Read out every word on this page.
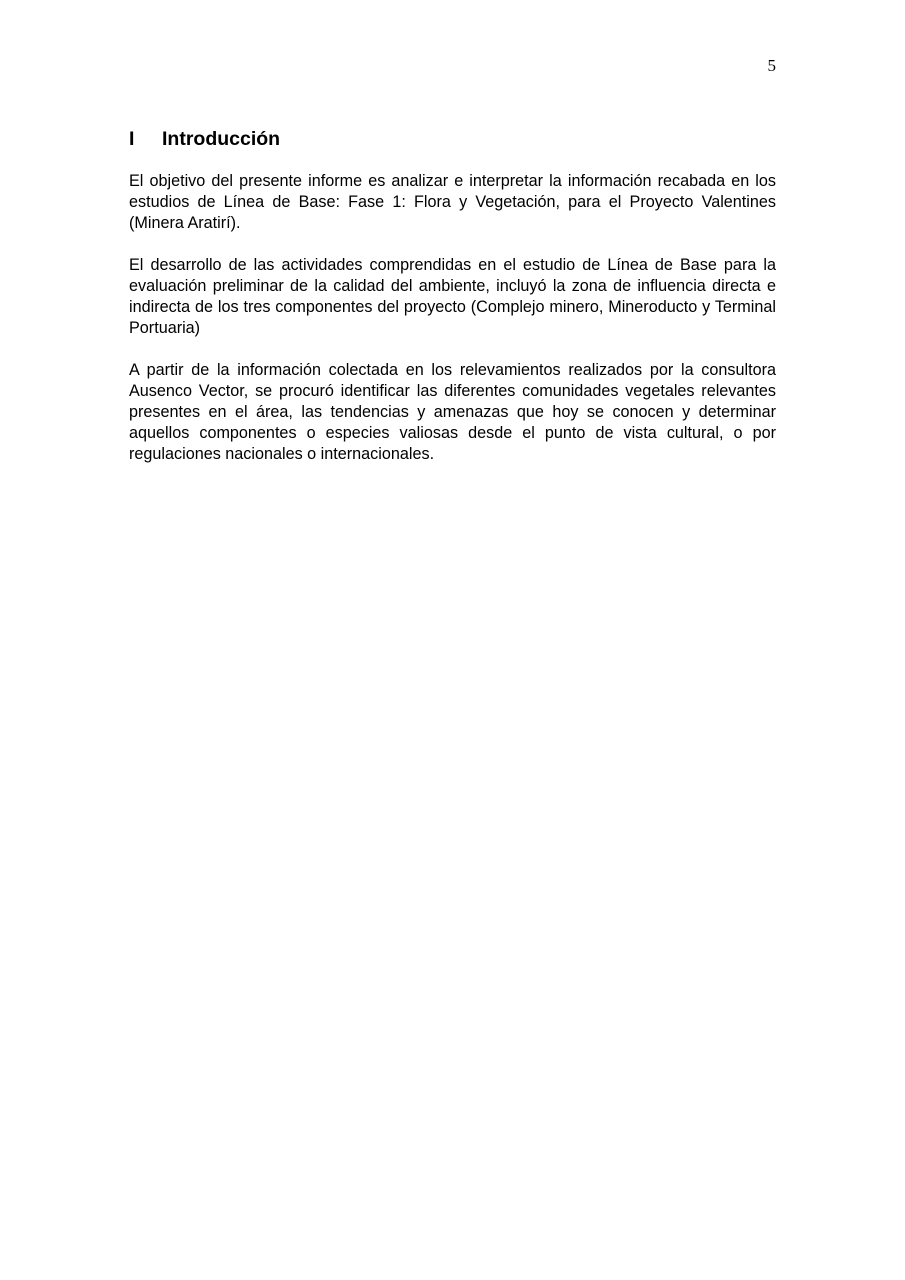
5
I	Introducción

El objetivo del presente informe es analizar e interpretar la información recabada en los estudios de Línea de Base: Fase 1: Flora y Vegetación, para el Proyecto Valentines (Minera Aratirí).

El desarrollo de las actividades comprendidas en el estudio de Línea de Base para la evaluación preliminar de la calidad del ambiente, incluyó la zona de influencia directa e indirecta de los tres componentes del proyecto (Complejo minero, Mineroducto y Terminal Portuaria)

A partir de la información colectada en los relevamientos realizados por la consultora Ausenco Vector, se procuró identificar las diferentes comunidades vegetales relevantes presentes en el área, las tendencias y amenazas que hoy se conocen y determinar aquellos componentes o especies valiosas desde el punto de vista cultural, o por regulaciones nacionales o internacionales.
